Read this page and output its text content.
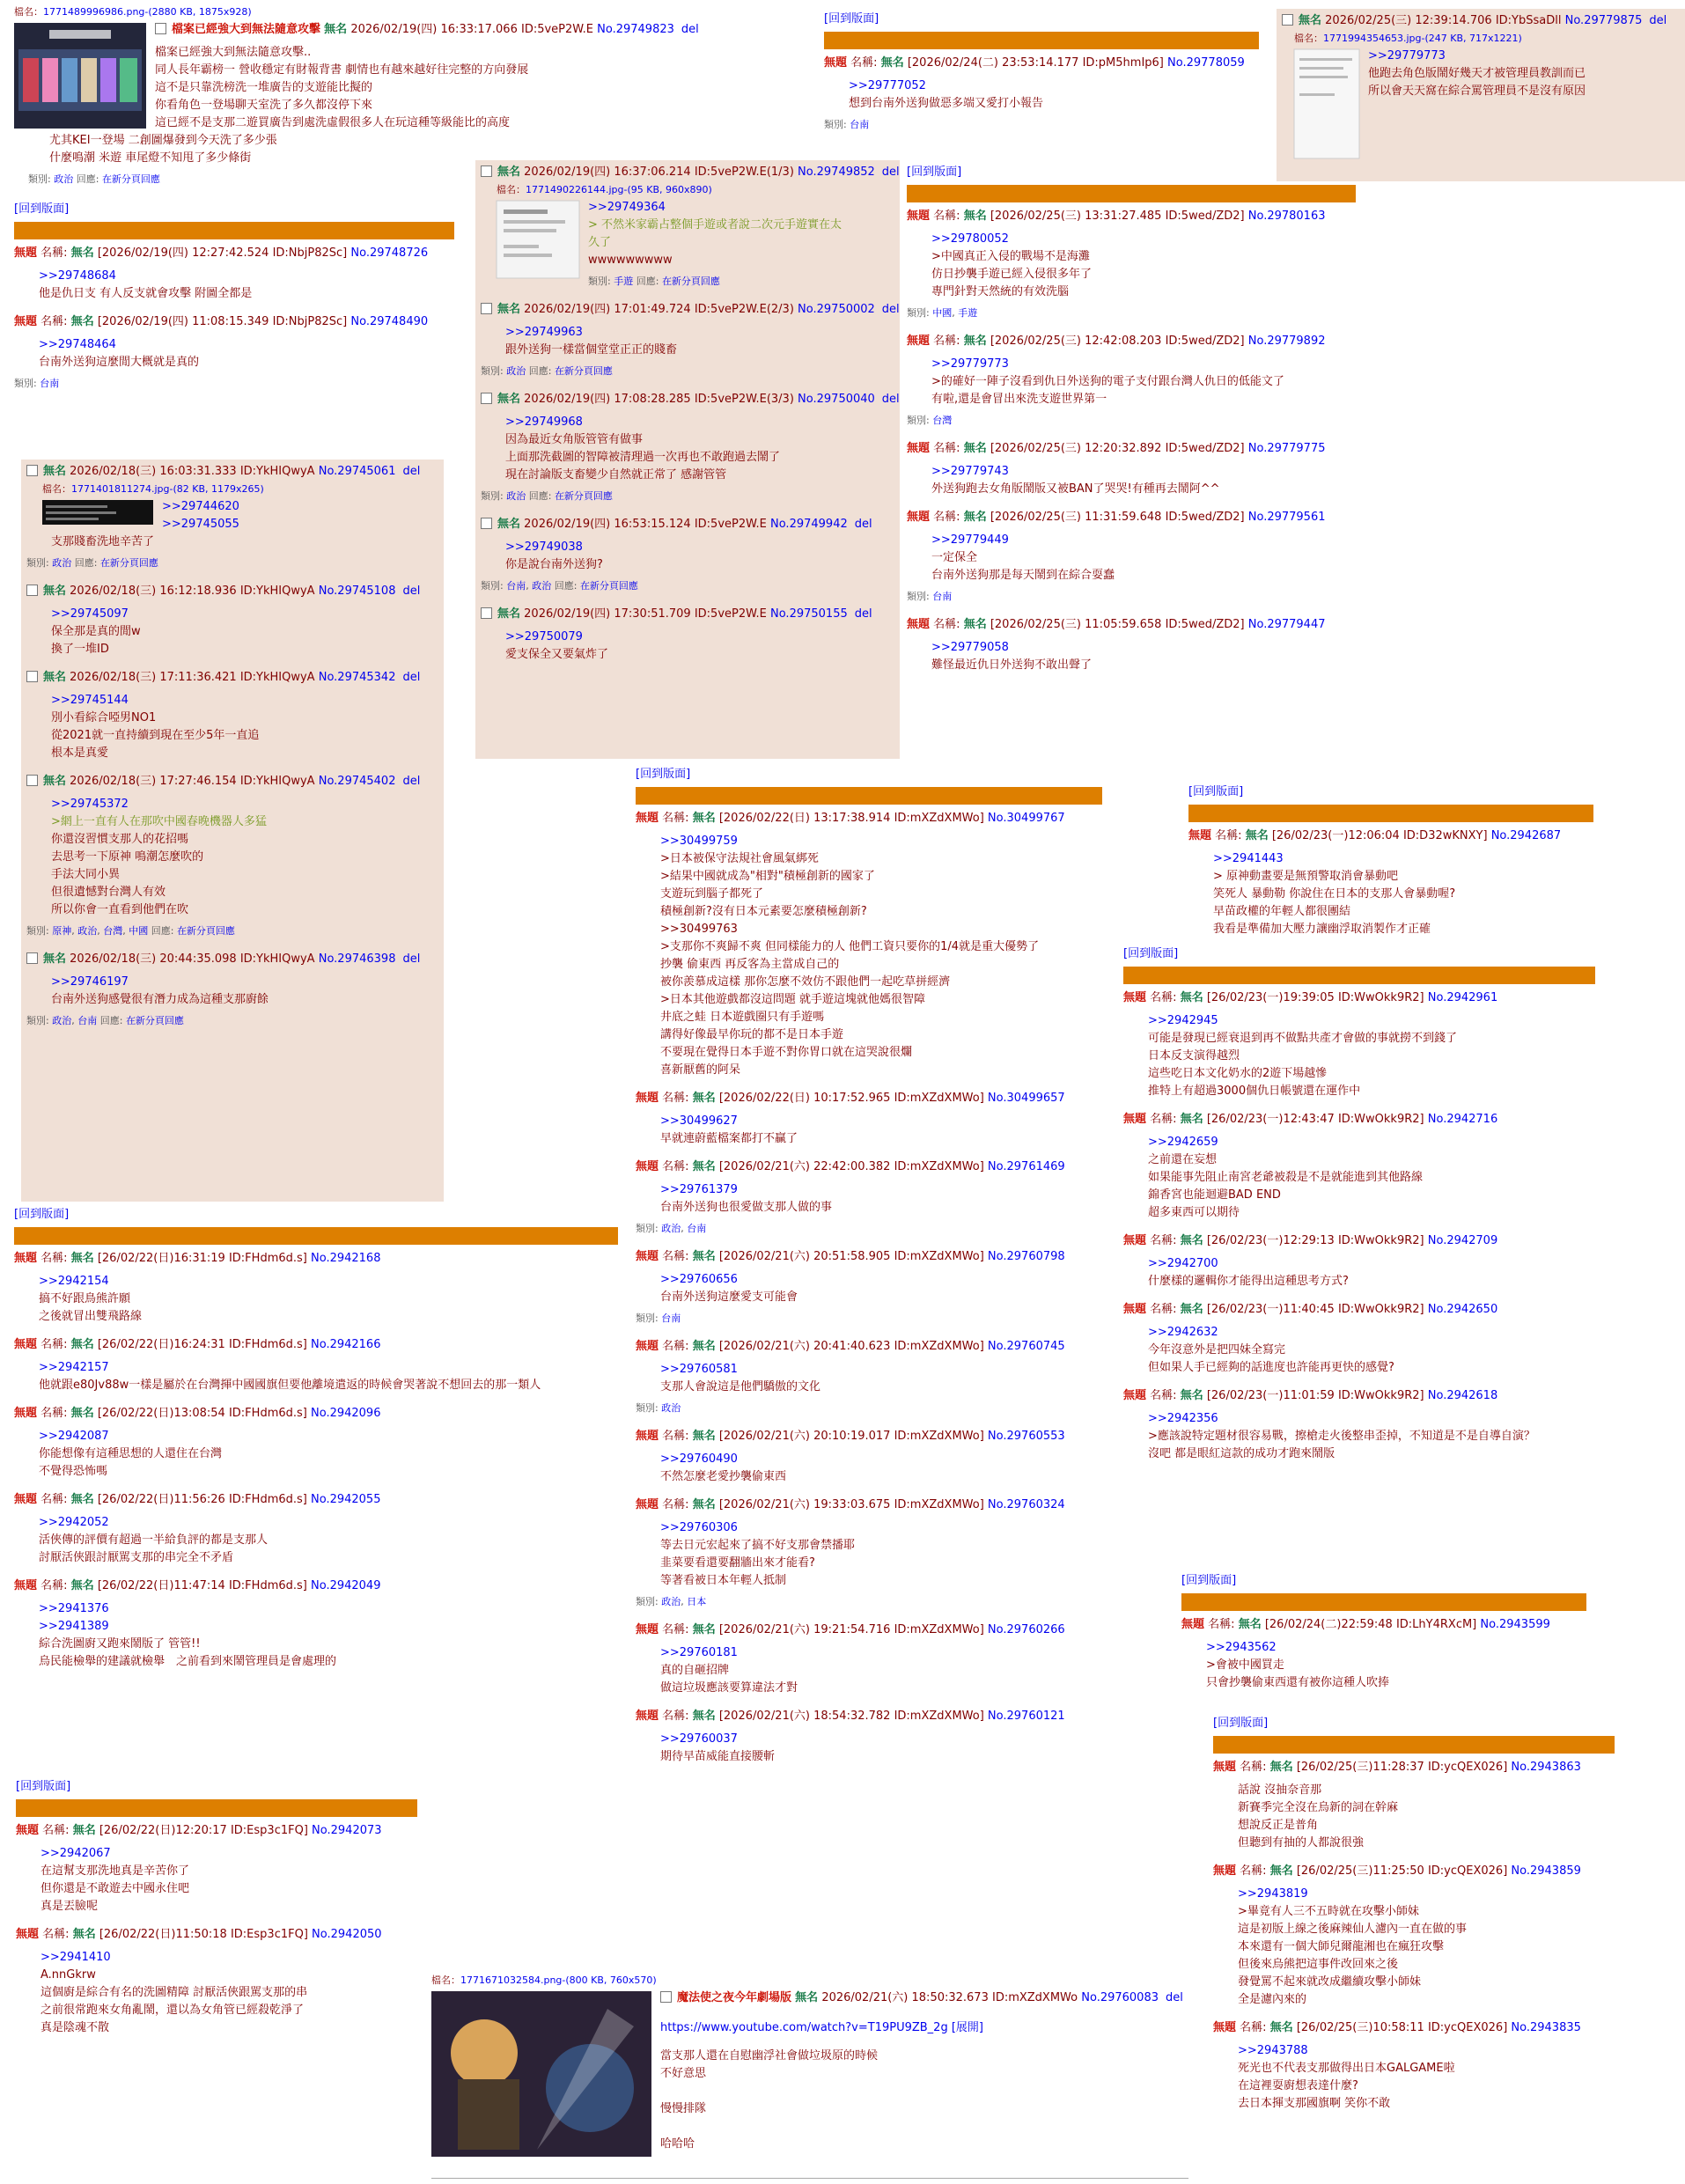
檔名：1771489996986.png-(2880 KB, 1875x928)
檔案已經強大到無法隨意攻擊 無名 2026/02/19(四) 16:33:17.066 ID:5veP2W.E No.29749823 del
檔案已經強大到無法隨意攻擊..
同人長年霸榜一 營收穩定有財報背書 劇情也有越來越好往完整的方向發展
這不是只靠洗榜洗一堆廣告的支遊能比擬的
你看角色一登場聊天室洗了多久都沒停下來
這已經不是支那二遊買廣告到處洗虛假很多人在玩這種等級能比的高度
尤其KEI一登場 二創圖爆發到今天洗了多少張
什麼鳴潮 米遊 車尾燈不知甩了多少條街
類別: 政治 回應: 在新分頁回應
[回到版面]
無題 名稱: 無名 [2026/02/19(四) 12:27:42.524 ID:NbjP82Sc] No.29748726
>>29748684
他是仇日支 有人反支就會攻擊 附圖全都是
無題 名稱: 無名 [2026/02/19(四) 11:08:15.349 ID:NbjP82Sc] No.29748490
>>29748464
台南外送狗這麼閒大概就是真的
類別: 台南
無名 2026/02/18(三) 16:03:31.333 ID:YkHIQwyA No.29745061 del
檔名：1771401811274.jpg-(82 KB, 1179x265)
>>29744620
>>29745055
支那賤畜洗地辛苦了
類別: 政治 回應: 在新分頁回應
無名 2026/02/18(三) 16:12:18.936 ID:YkHIQwyA No.29745108 del
>>29745097
保全那是真的閒w
換了一堆ID
無名 2026/02/18(三) 17:11:36.421 ID:YkHIQwyA No.29745342 del
>>29745144
別小看綜合啞男NO1
從2021就一直持續到現在至少5年一直追
根本是真愛
無名 2026/02/18(三) 17:27:46.154 ID:YkHIQwyA No.29745402 del
>>29745372
>網上一直有人在那吹中國春晚機器人多猛
你還沒習慣支那人的花招嗎
去思考一下原神 鳴潮怎麼吹的
手法大同小異
但很遺憾對台灣人有效
所以你會一直看到他們在吹
類別: 原神, 政治, 台灣, 中國 回應: 在新分頁回應
無名 2026/02/18(三) 20:44:35.098 ID:YkHIQwyA No.29746398 del
>>29746197
台南外送狗感覺很有潛力成為這種支那廚餘
類別: 政治, 台南 回應: 在新分頁回應
無名 2026/02/19(四) 16:37:06.214 ID:5veP2W.E(1/3) No.29749852 del
檔名：1771490226144.jpg-(95 KB, 960x890)
>>29749364
> 不然米家霸占整個手遊或者說二次元手遊實在太久了
wwwwwwwww
類別: 手遊 回應: 在新分頁回應
無名 2026/02/19(四) 17:01:49.724 ID:5veP2W.E(2/3) No.29750002 del
>>29749963
跟外送狗一樣當個堂堂正正的賤畜
類別: 政治 回應: 在新分頁回應
無名 2026/02/19(四) 17:08:28.285 ID:5veP2W.E(3/3) No.29750040 del
>>29749968
因為最近女角版管管有做事
上面那洗截圖的智障被清理過一次再也不敢跑過去鬧了
現在討論版支畜變少自然就正常了 感謝管管
類別: 政治 回應: 在新分頁回應
無名 2026/02/19(四) 16:53:15.124 ID:5veP2W.E No.29749942 del
>>29749038
你是說台南外送狗?
類別: 台南, 政治 回應: 在新分頁回應
無名 2026/02/19(四) 17:30:51.709 ID:5veP2W.E No.29750155 del
>>29750079
愛支保全又要氣炸了
[回到版面]
無題 名稱: 無名 [2026/02/24(二) 23:53:14.177 ID:pM5hmIp6] No.29778059
>>29777052
想到台南外送狗做惡多端又愛打小報告
類別: 台南
無名 2026/02/25(三) 12:39:14.706 ID:YbSsaDll No.29779875 del
檔名：1771994354653.jpg-(247 KB, 717x1221)
>>29779773
他跑去角色版鬧好幾天才被管理員教訓而已
所以會天天窩在綜合罵管理員不是沒有原因
[回到版面]
無題 名稱: 無名 [2026/02/25(三) 13:31:27.485 ID:5wed/ZD2] No.29780163
>>29780052
>中國真正入侵的戰場不是海灘
仿日抄襲手遊已經入侵很多年了
專門針對天然統的有效洗腦
類別: 中國, 手遊
無題 名稱: 無名 [2026/02/25(三) 12:42:08.203 ID:5wed/ZD2] No.29779892
>>29779773
>的確好一陣子沒看到仇日外送狗的電子支付跟台灣人仇日的低能文了
有啦,還是會冒出來洗支遊世界第一
類別: 台灣
無題 名稱: 無名 [2026/02/25(三) 12:20:32.892 ID:5wed/ZD2] No.29779775
>>29779743
外送狗跑去女角版鬧版又被BAN了哭哭!有種再去鬧阿^^
無題 名稱: 無名 [2026/02/25(三) 11:31:59.648 ID:5wed/ZD2] No.29779561
>>29779449
一定保全
台南外送狗那是每天鬧到在綜合耍蠢
類別: 台南
無題 名稱: 無名 [2026/02/25(三) 11:05:59.658 ID:5wed/ZD2] No.29779447
>>29779058
難怪最近仇日外送狗不敢出聲了
[回到版面]
無題 名稱: 無名 [26/02/22(日)16:31:19 ID:FHdm6d.s] No.2942168
>>2942154
搞不好跟鳥熊許願
之後就冒出雙飛路線
無題 名稱: 無名 [26/02/22(日)16:24:31 ID:FHdm6d.s] No.2942166
>>2942157
他就跟e80Jv88w一樣是屬於在台灣揮中國國旗但要他離境遣返的時候會哭著說不想回去的那一類人
無題 名稱: 無名 [26/02/22(日)13:08:54 ID:FHdm6d.s] No.2942096
>>2942087
你能想像有這種思想的人還住在台灣
不覺得恐怖嗎
無題 名稱: 無名 [26/02/22(日)11:56:26 ID:FHdm6d.s] No.2942055
>>2942052
活俠傳的評價有超過一半給負評的都是支那人
討厭活俠跟討厭駡支那的串完全不矛盾
無題 名稱: 無名 [26/02/22(日)11:47:14 ID:FHdm6d.s] No.2942049
>>2941376
>>2941389
綜合洗圖廚又跑來鬧版了 管管!!
烏民能檢舉的建議就檢舉　之前看到來鬧管理員是會處理的
[回到版面]
無題 名稱: 無名 [26/02/22(日)12:20:17 ID:Esp3c1FQ] No.2942073
>>2942067
在這幫支那洗地真是辛苦你了
但你還是不敢遊去中國永住吧
真是丟臉呢
無題 名稱: 無名 [26/02/22(日)11:50:18 ID:Esp3c1FQ] No.2942050
>>2941410
A.nnGkrw
這個廚是綜合有名的洗圖精障 討厭活俠跟駡支那的串
之前很常跑來女角亂鬧，還以為女角管已經殺乾淨了
真是陰魂不散
[回到版面]
無題 名稱: 無名 [2026/02/22(日) 13:17:38.914 ID:mXZdXMWo] No.30499767
>>30499759
>日本被保守法規社會風氣綁死
>結果中國就成為"相對"積極創新的國家了
支遊玩到腦子都死了
積極創新?沒有日本元素要怎麼積極創新?
>>30499763
>支那你不爽歸不爽 但同樣能力的人 他們工資只要你的1/4就是重大優勢了
抄襲 偷東西 再反客為主當成自己的
被你羨慕成這樣 那你怎麼不效仿不跟他們一起吃草拼經濟
>日本其他遊戲都沒這問題 就手遊這塊就他媽很智障
井底之蛙 日本遊戲圈只有手遊嗎
講得好像最早你玩的都不是日本手遊
不要現在覺得日本手遊不對你胃口就在這哭說很爛
喜新厭舊的阿呆
無題 名稱: 無名 [2026/02/22(日) 10:17:52.965 ID:mXZdXMWo] No.30499657
>>30499627
早就連蔚藍檔案都打不贏了
無題 名稱: 無名 [2026/02/21(六) 22:42:00.382 ID:mXZdXMWo] No.29761469
>>29761379
台南外送狗也很愛做支那人做的事
類別: 政治, 台南
無題 名稱: 無名 [2026/02/21(六) 20:51:58.905 ID:mXZdXMWo] No.29760798
>>29760656
台南外送狗這麼愛支可能會
類別: 台南
無題 名稱: 無名 [2026/02/21(六) 20:41:40.623 ID:mXZdXMWo] No.29760745
>>29760581
支那人會說這是他們驕傲的文化
類別: 政治
無題 名稱: 無名 [2026/02/21(六) 20:10:19.017 ID:mXZdXMWo] No.29760553
>>29760490
不然怎麼老愛抄襲偷東西
無題 名稱: 無名 [2026/02/21(六) 19:33:03.675 ID:mXZdXMWo] No.29760324
>>29760306
等去日元宏起來了搞不好支那會禁播耶
韭菜要看還要翻牆出來才能看?
等著看被日本年輕人抵制
類別: 政治, 日本
無題 名稱: 無名 [2026/02/21(六) 19:21:54.716 ID:mXZdXMWo] No.29760266
>>29760181
真的自砸招牌
做這垃圾應該要算違法才對
無題 名稱: 無名 [2026/02/21(六) 18:54:32.782 ID:mXZdXMWo] No.29760121
>>29760037
期待早苗威能直接腰斬
檔名：1771671032584.png-(800 KB, 760x570)
魔法使之夜今年劇場版 無名 2026/02/21(六) 18:50:32.673 ID:mXZdXMWo No.29760083 del
https://www.youtube.com/watch?v=T19PU9ZB_2g [展開]
當支那人還在自慰幽浮社會做垃圾原的時候
不好意思

慢慢排隊

哈哈哈
[回到版面]
無題 名稱: 無名 [26/02/23(一)12:06:04 ID:D32wKNXY] No.2942687
>>2941443
> 原神動畫要是無預警取消會暴動吧
笑死人 暴動勒 你說住在日本的支那人會暴動喔?
早苗政權的年輕人都很團結
我看是準備加大壓力讓幽浮取消製作才正確
[回到版面]
無題 名稱: 無名 [26/02/23(一)19:39:05 ID:WwOkk9R2] No.2942961
>>2942945
可能是發現已經衰退到再不做點共產才會做的事就撈不到錢了
日本反支演得越烈
這些吃日本文化奶水的2遊下場越慘
推特上有超過3000個仇日帳號還在運作中
無題 名稱: 無名 [26/02/23(一)12:43:47 ID:WwOkk9R2] No.2942716
>>2942659
之前還在妄想
如果能事先阻止南宮老爺被殺是不是就能進到其他路線
錦香宮也能迴避BAD END
超多東西可以期待
無題 名稱: 無名 [26/02/23(一)12:29:13 ID:WwOkk9R2] No.2942709
>>2942700
什麼樣的邏輯你才能得出這種思考方式?
無題 名稱: 無名 [26/02/23(一)11:40:45 ID:WwOkk9R2] No.2942650
>>2942632
今年沒意外是把四妹全寫完
但如果人手已經夠的話進度也許能再更快的感覺?
無題 名稱: 無名 [26/02/23(一)11:01:59 ID:WwOkk9R2] No.2942618
>>2942356
>應該說特定題材很容易戰，擦槍走火後整串歪掉，不知道是不是自導自演？
沒吧 都是眼紅這款的成功才跑來鬧版
[回到版面]
無題 名稱: 無名 [26/02/24(二)22:59:48 ID:LhY4RXcM] No.2943599
>>2943562
>會被中國買走
只會抄襲偷東西還有被你這種人吹捧
[回到版面]
無題 名稱: 無名 [26/02/25(三)11:28:37 ID:ycQEX026] No.2943863
話說 沒抽奈音那
新賽季完全沒在烏新的詞在幹麻
想說反正是普角
但聽到有抽的人都說很強
無題 名稱: 無名 [26/02/25(三)11:25:50 ID:ycQEX026] No.2943859
>>2943819
>畢竟有人三不五時就在攻擊小師妹
這是初版上線之後麻辣仙人濾內一直在做的事
本來還有一個大師兒爾龍湘也在瘋狂攻擊
但後來烏熊把這事件改回來之後
發覺罵不起來就改成繼續攻擊小師妹
全是濾內來的
無題 名稱: 無名 [26/02/25(三)10:58:11 ID:ycQEX026] No.2943835
>>2943788
死光也不代表支那做得出日本GALGAME啦
在這裡耍廚想表達什麼?
去日本揮支那國旗啊 笑你不敢
